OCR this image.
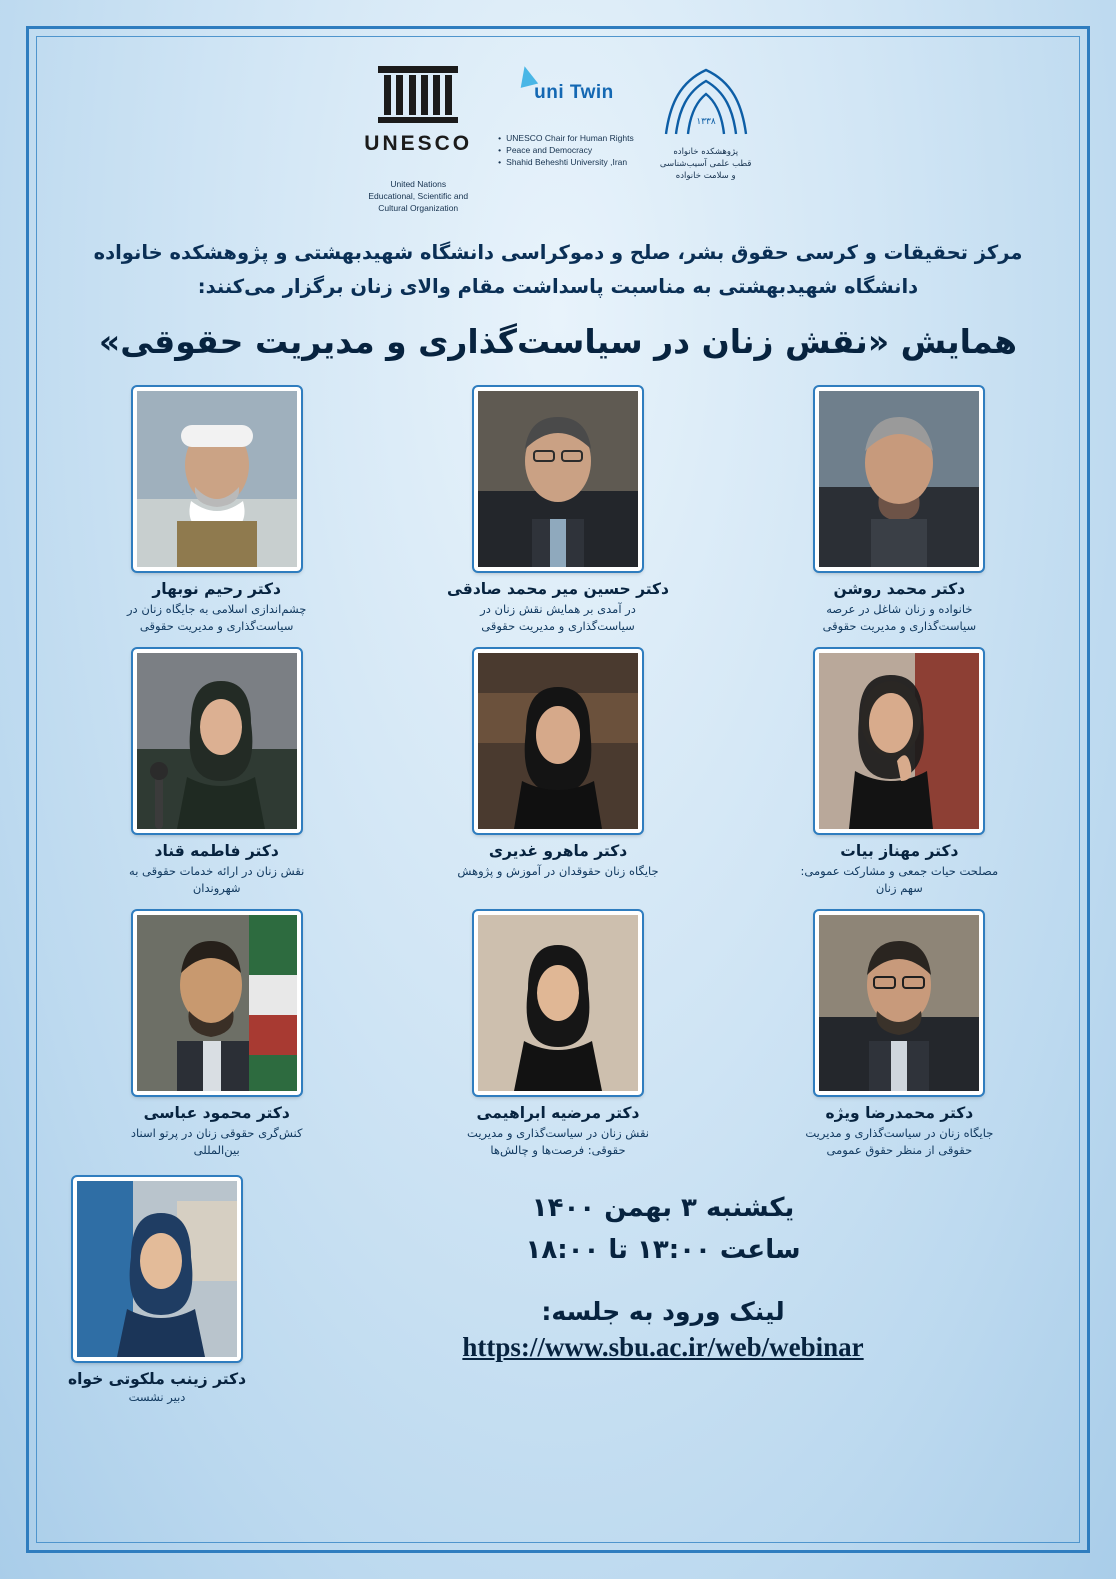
UNESCO
United Nations
Educational, Scientific and
Cultural Organization
uni Twin
• UNESCO Chair for Human Rights
• Peace and Democracy
• Shahid Beheshti University ,Iran
۱۳۳۸
پژوهشکده خانواده
قطب علمی آسیب‌شناسی
و سلامت خانواده
مرکز تحقیقات و کرسی حقوق بشر، صلح و دموکراسی دانشگاه شهیدبهشتی و پژوهشکده خانواده
دانشگاه شهیدبهشتی به مناسبت پاسداشت مقام والای زنان برگزار می‌کنند:
همایش «نقش زنان در سیاست‌گذاری و مدیریت حقوقی»
دکتر محمد روشن
خانواده و زنان شاغل در عرصه سیاست‌گذاری و مدیریت حقوقی
دکتر حسین میر محمد صادقی
در آمدی بر همایش نقش زنان در سیاست‌گذاری و مدیریت حقوقی
دکتر رحیم نوبهار
چشم‌اندازی اسلامی به جایگاه زنان در سیاست‌گذاری و مدیریت حقوقی
دکتر مهناز بیات
مصلحت حیات جمعی و مشارکت عمومی: سهم زنان
دکتر ماهرو غدیری
جایگاه زنان حقوقدان در آموزش و پژوهش
دکتر فاطمه قناد
نقش زنان در ارائه خدمات حقوقی به شهروندان
دکتر محمدرضا ویژه
جایگاه زنان در سیاست‌گذاری و مدیریت حقوقی از منظر حقوق عمومی
دکتر مرضیه ابراهیمی
نقش زنان در سیاست‌گذاری و مدیریت حقوقی: فرصت‌ها و چالش‌ها
دکتر محمود عباسی
کنش‌گری حقوقی زنان در پرتو اسناد بین‌المللی
یکشنبه ۳ بهمن ۱۴۰۰
ساعت ۱۳:۰۰ تا ۱۸:۰۰
لینک ورود به جلسه:
https://www.sbu.ac.ir/web/webinar
دکتر زینب ملکوتی خواه
دبیر نشست
